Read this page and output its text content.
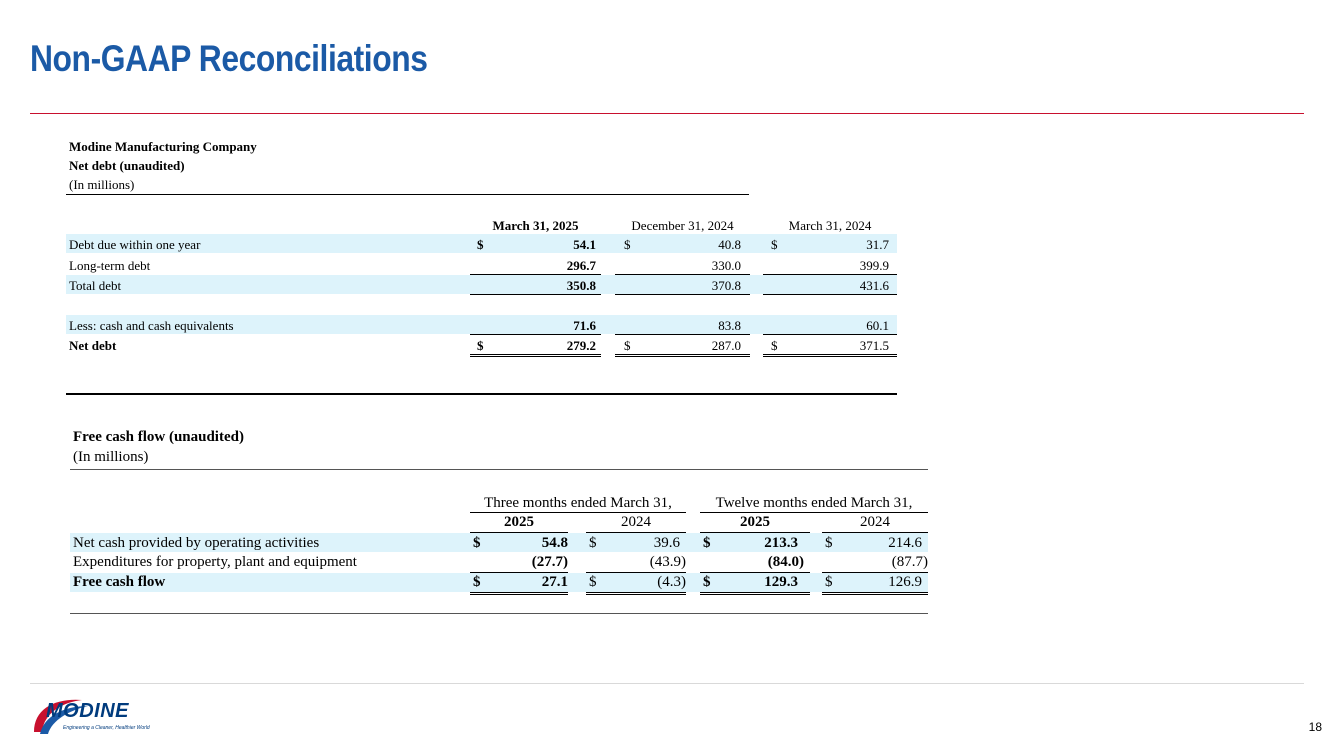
Non-GAAP Reconciliations
Modine Manufacturing Company
Net debt (unaudited)
(In millions)
March 31, 2025	December 31, 2024	March 31, 2024
Debt due within one year	$	54.1 $	40.8 $	31.7
Long-term debt	296.7	330.0	399.9
Total debt	350.8	370.8	431.6
Less: cash and cash equivalents	71.6	83.8	60.1
Net debt	$	279.2 $	287.0 $	371.5
Free cash flow (unaudited)
(In millions)
Three months ended March 31,	Twelve months ended March 31,
2025	2024	2025	2024
Net cash provided by operating activities	$	54.8 $	39.6 $	213.3 $	214.6
Expenditures for property, plant and equipment	(27.7)	(43.9)	(84.0)	(87.7)
Free cash flow	$	27.1 $	(4.3) $	129.3 $	126.9
MODINE
Engineering a Cleaner, Healthier World	18
